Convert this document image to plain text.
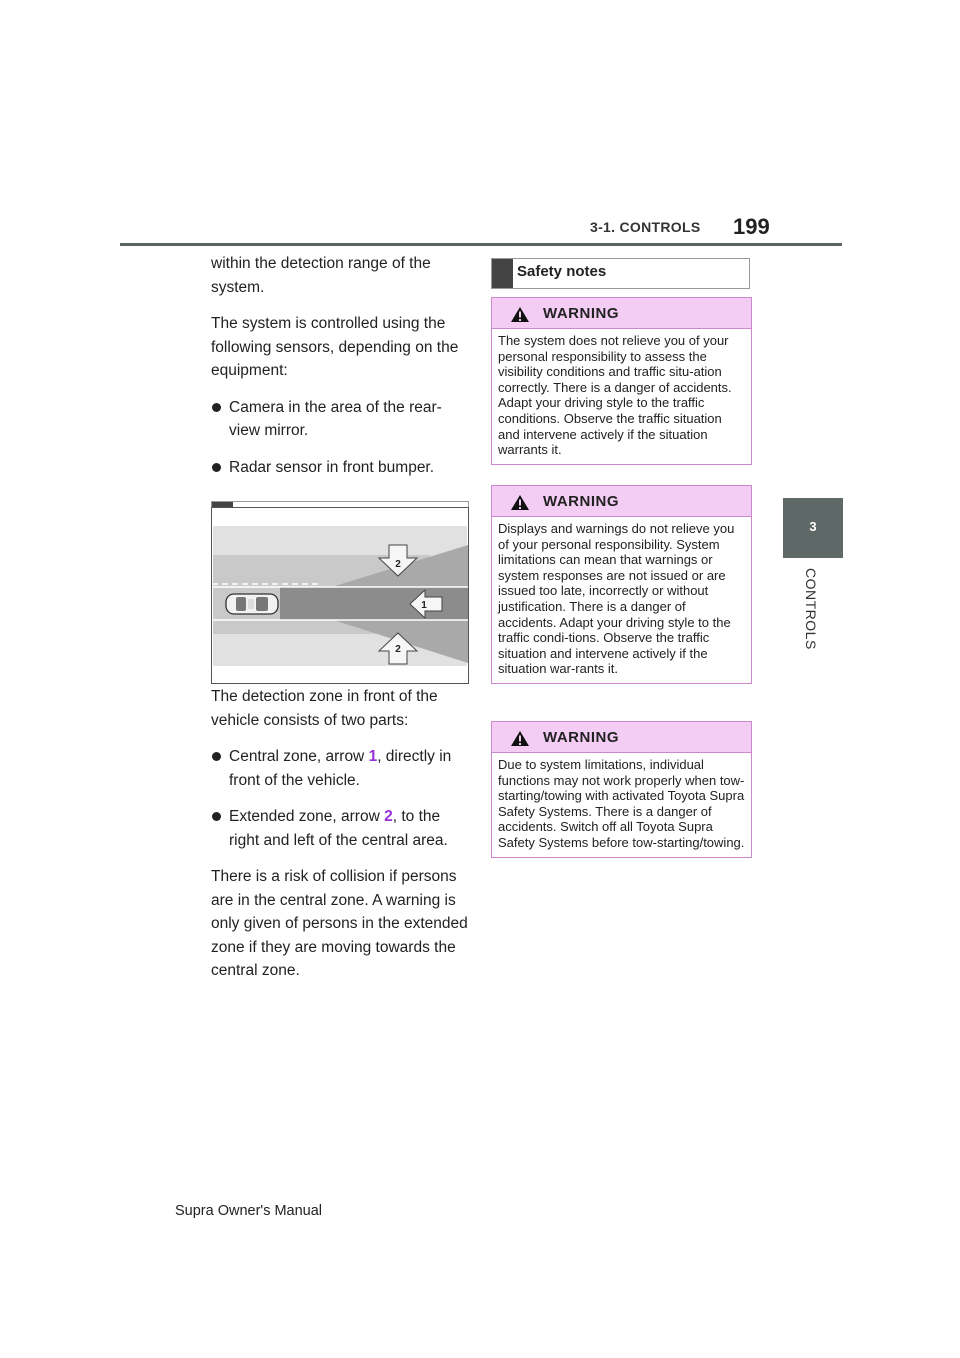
3-1. CONTROLS 199
3
CONTROLS

within the detection range of the system.

The system is controlled using the following sensors, depending on the equipment:

Camera in the area of the rear-view mirror.
Radar sensor in front bumper.
2
1
2

The detection zone in front of the vehicle consists of two parts:

Central zone, arrow 1, directly in front of the vehicle.
Extended zone, arrow 2, to the right and left of the central area.

There is a risk of collision if persons are in the central zone. A warning is only given of persons in the extended zone if they are moving towards the central zone.

Safety notes
WARNING
The system does not relieve you of your personal responsibility to assess the visibility conditions and traffic situ-ation correctly. There is a danger of accidents. Adapt your driving style to the traffic conditions. Observe the traffic situation and intervene actively if the situation warrants it.
WARNING
Displays and warnings do not relieve you of your personal responsibility. System limitations can mean that warnings or system responses are not issued or are issued too late, incorrectly or without justification. There is a danger of accidents. Adapt your driving style to the traffic condi-tions. Observe the traffic situation and intervene actively if the situation war-rants it.
WARNING
Due to system limitations, individual functions may not work properly when tow-starting/towing with activated Toyota Supra Safety Systems. There is a danger of accidents. Switch off all Toyota Supra Safety Systems before tow-starting/towing.
Supra Owner's Manual
